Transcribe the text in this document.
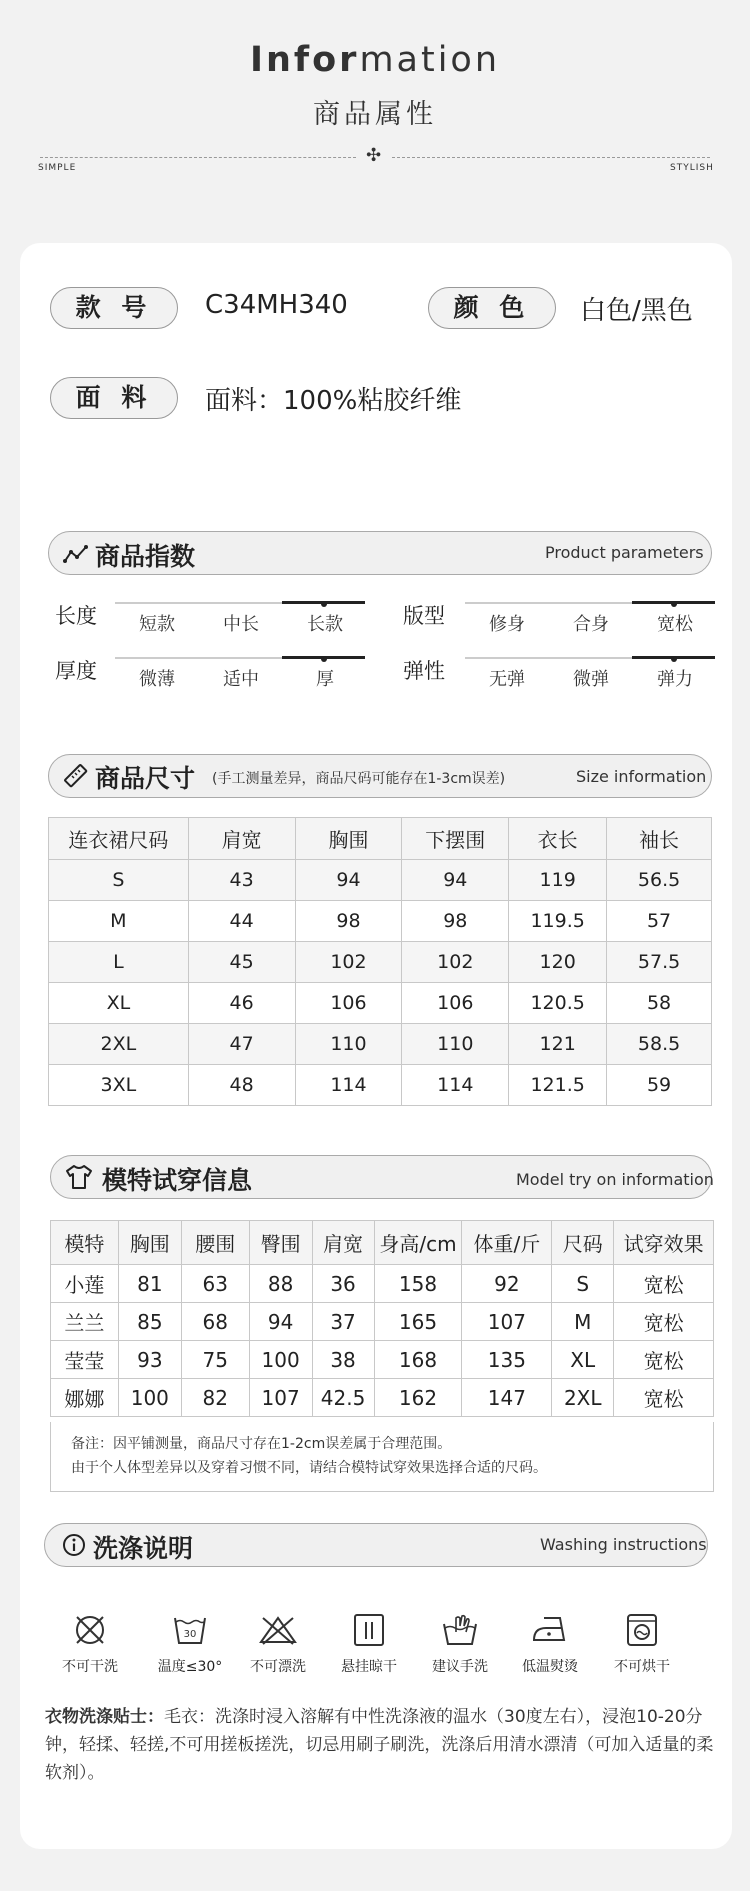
Information
商品属性
✣
SIMPLE	STYLISH
款 号	C34MH340	颜 色	白色/黑色
面 料	面料：100%粘胶纤维
商品指数	Product parameters
长度	短款	中长	长款	版型	修身	合身	宽松
厚度	微薄	适中	厚	弹性	无弹	微弹	弹力
商品尺寸 (手工测量差异，商品尺码可能存在1-3cm误差)	Size information
连衣裙尺码	肩宽	胸围	下摆围	衣长	袖长
S	43	94	94	119	56.5
M	44	98	98	119.5	57
L	45	102	102	120	57.5
XL	46	106	106	120.5	58
2XL	47	110	110	121	58.5
3XL	48	114	114	121.5	59
模特试穿信息	Model try on information
模特	胸围	腰围	臀围	肩宽	身高/cm	体重/斤	尺码	试穿效果
小莲	81	63	88	36	158	92	S	宽松
兰兰	85	68	94	37	165	107	M	宽松
莹莹	93	75	100	38	168	135	XL	宽松
娜娜	100	82	107	42.5	162	147	2XL	宽松
备注：因平铺测量，商品尺寸存在1-2cm误差属于合理范围。
由于个人体型差异以及穿着习惯不同，请结合模特试穿效果选择合适的尺码。
洗涤说明	Washing instructions
不可干洗
30
温度≤30°	不可漂洗	悬挂晾干	建议手洗	低温熨烫	不可烘干
衣物洗涤贴士：毛衣：洗涤时浸入溶解有中性洗涤液的温水（30度左右），浸泡10-20分钟，轻揉、轻搓,不可用搓板搓洗，切忌用刷子刷洗，洗涤后用清水漂清（可加入适量的柔软剂）。
